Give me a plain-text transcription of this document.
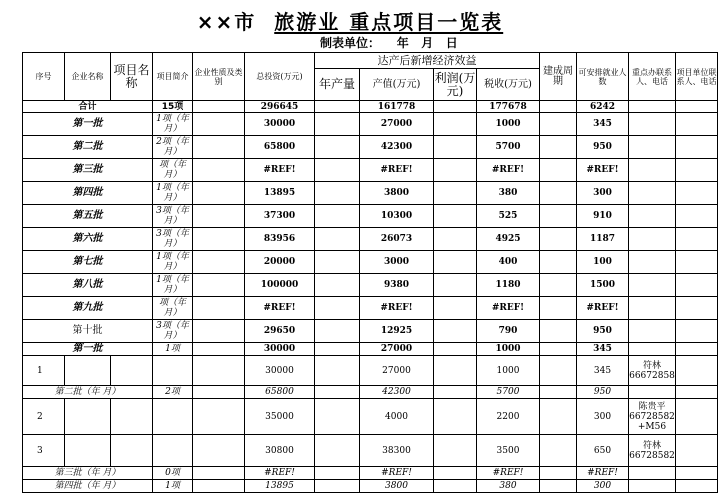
××市 旅游业 重点项目一览表
制表单位：    年   月   日
序号	企业名称	项目名称	项目简介	企业性质及类别	总投资(万元)	达产后新增经济效益				建成周期	可安排就业人数	重点办联系人、电话	项目单位联系人、电话
						年产量	产值(万元)	利润(万元)	税收(万元)				
合计			15项		296645		161778		177678		6242		
第一批			1项（年 月）		30000		27000		1000		345		
第二批			2项（年 月）		65800		42300		5700		950		
第三批			项（年 月）		#REF!		#REF!		#REF!		#REF!		
第四批			1项（年 月）		13895		3800		380		300		
第五批			3项（年 月）		37300		10300		525		910		
第六批			3项（年 月）		83956		26073		4925		1187		
第七批			1项（年 月）		20000		3000		400		100		
第八批			1项（年 月）		100000		9380		1180		1500		
第九批			项（年 月）		#REF!		#REF!		#REF!		#REF!		
第十批			3项（年 月）		29650		12925		790		950		
第一批			1项		30000		27000		1000		345		
1					30000		27000		1000		345	符林
66672858	

第二批（年 月）			2项		65800		42300		5700		950		
2					35000		4000		2200		300	陈贵平
66728582
+M56	

3					30800		38300		3500		650	符林
66728582	

第三批（年 月）			0项		#REF!		#REF!		#REF!		#REF!		
第四批（年 月）			1项		13895		3800		380		300		
